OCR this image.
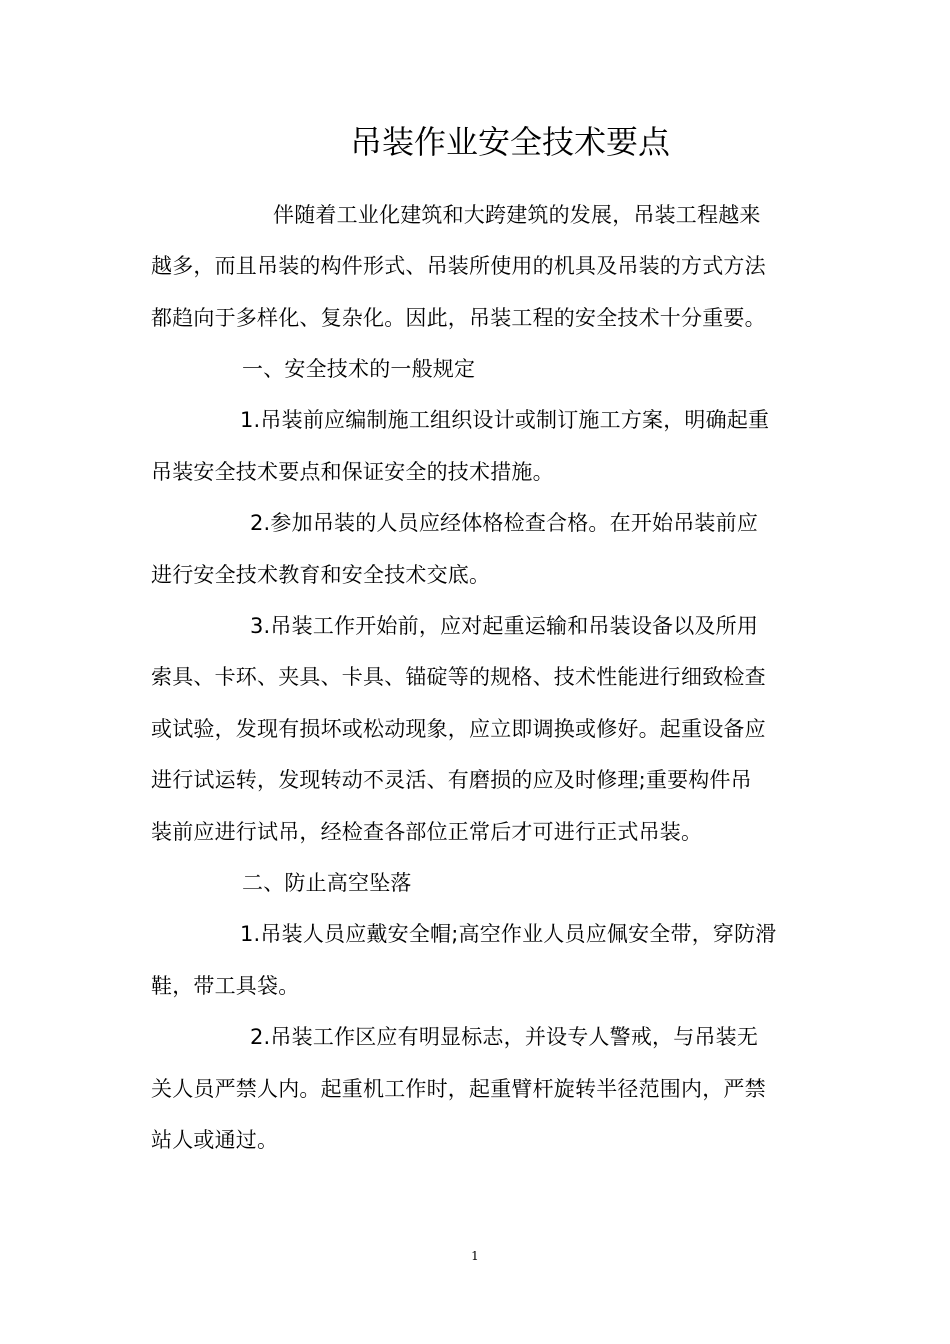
吊装作业安全技术要点
伴随着工业化建筑和大跨建筑的发展，吊装工程越来
越多，而且吊装的构件形式、吊装所使用的机具及吊装的方式方法
都趋向于多样化、复杂化。因此，吊装工程的安全技术十分重要。
一、安全技术的一般规定
1.吊装前应编制施工组织设计或制订施工方案，明确起重
吊装安全技术要点和保证安全的技术措施。
2.参加吊装的人员应经体格检查合格。在开始吊装前应
进行安全技术教育和安全技术交底。
3.吊装工作开始前，应对起重运输和吊装设备以及所用
索具、卡环、夹具、卡具、锚碇等的规格、技术性能进行细致检查
或试验，发现有损坏或松动现象，应立即调换或修好。起重设备应
进行试运转，发现转动不灵活、有磨损的应及时修理;重要构件吊
装前应进行试吊，经检查各部位正常后才可进行正式吊装。
二、防止高空坠落
1.吊装人员应戴安全帽;高空作业人员应佩安全带，穿防滑
鞋，带工具袋。
2.吊装工作区应有明显标志，并设专人警戒，与吊装无
关人员严禁人内。起重机工作时，起重臂杆旋转半径范围内，严禁
站人或通过。
1
